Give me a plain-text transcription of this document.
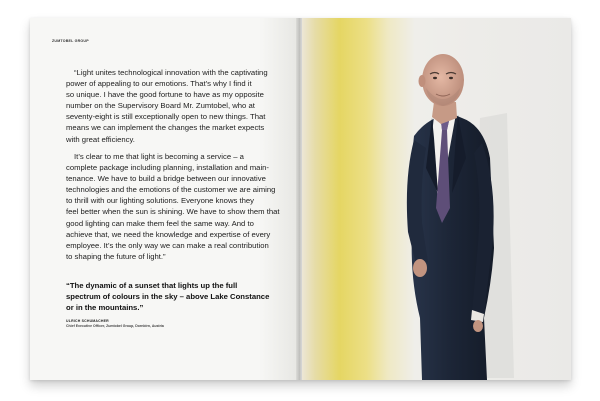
ZUMTOBEL GROUP

“Light unites technological innovation with the captivating
power of appealing to our emotions. That’s why I find it
so unique. I have the good fortune to have as my opposite
number on the Supervisory Board Mr. Zumtobel, who at
seventy-eight is still exceptionally open to new things. That
means we can implement the changes the market expects
with great efficiency.

It’s clear to me that light is becoming a service – a
complete package including planning, installation and main-
tenance. We have to build a bridge between our innovative
technologies and the emotions of the customer we are aiming
to thrill with our lighting solutions. Everyone knows they
feel better when the sun is shining. We have to show them that
good lighting can make them feel the same way. And to
achieve that, we need the knowledge and expertise of every
employee. It’s the only way we can make a real contribution
to shaping the future of light.”

“The dynamic of a sunset that lights up the full
spectrum of colours in the sky – above Lake Constance
or in the mountains.”
ULRICH SCHUMACHER
Chief Executive Officer, Zumtobel Group, Dornbirn, Austria
